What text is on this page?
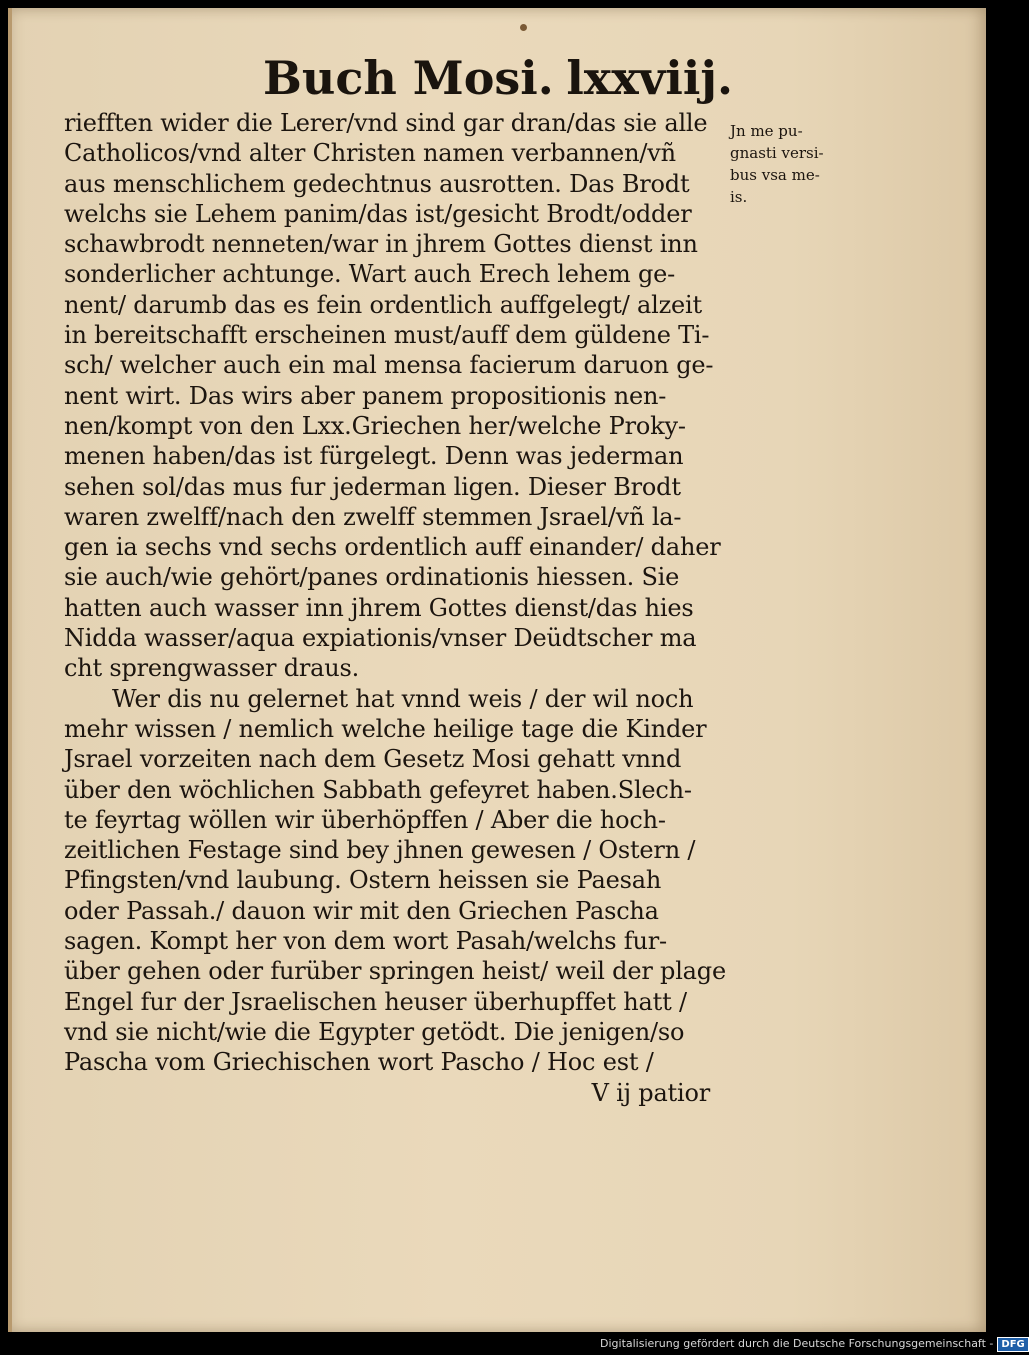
Buch Mosi. lxxviij.
riefften wider die Lerer/vnd sind gar dran/das sie alle
Catholicos/vnd alter Christen namen verbannen/vñ
aus menschlichem gedechtnus ausrotten. Das Brodt
welchs sie Lehem panim/das ist/gesicht Brodt/odder
schawbrodt nenneten/war in jhrem Gottes dienst inn
sonderlicher achtunge. Wart auch Erech lehem ge-
nent/ darumb das es fein ordentlich auffgelegt/ alzeit
in bereitschafft erscheinen must/auff dem güldene Ti-
sch/ welcher auch ein mal mensa facierum daruon ge-
nent wirt. Das wirs aber panem propositionis nen-
nen/kompt von den Lxx.Griechen her/welche Proky-
menen haben/das ist fürgelegt. Denn was jederman
sehen sol/das mus fur jederman ligen. Dieser Brodt
waren zwelff/nach den zwelff stemmen Jsrael/vñ la-
gen ia sechs vnd sechs ordentlich auff einander/ daher
sie auch/wie gehört/panes ordinationis hiessen. Sie
hatten auch wasser inn jhrem Gottes dienst/das hies
Nidda wasser/aqua expiationis/vnser Deüdtscher ma
cht sprengwasser draus.
Wer dis nu gelernet hat vnnd weis / der wil noch
mehr wissen / nemlich welche heilige tage die Kinder
Jsrael vorzeiten nach dem Gesetz Mosi gehatt vnnd
über den wöchlichen Sabbath gefeyret haben.Slech-
te feyrtag wöllen wir überhöpffen / Aber die hoch-
zeitlichen Festage sind bey jhnen gewesen / Ostern /
Pfingsten/vnd laubung. Ostern heissen sie Paesah
oder Passah./ dauon wir mit den Griechen Pascha
sagen. Kompt her von dem wort Pasah/welchs fur-
über gehen oder furüber springen heist/ weil der plage
Engel fur der Jsraelischen heuser überhupffet hatt /
vnd sie nicht/wie die Egypter getödt. Die jenigen/so
Pascha vom Griechischen wort Pascho / Hoc est /
V ij patior
Jn me pu-
gnasti versi-
bus vsa me-
is.
Digitalisierung gefördert durch die Deutsche Forschungsgemeinschaft - DFG
